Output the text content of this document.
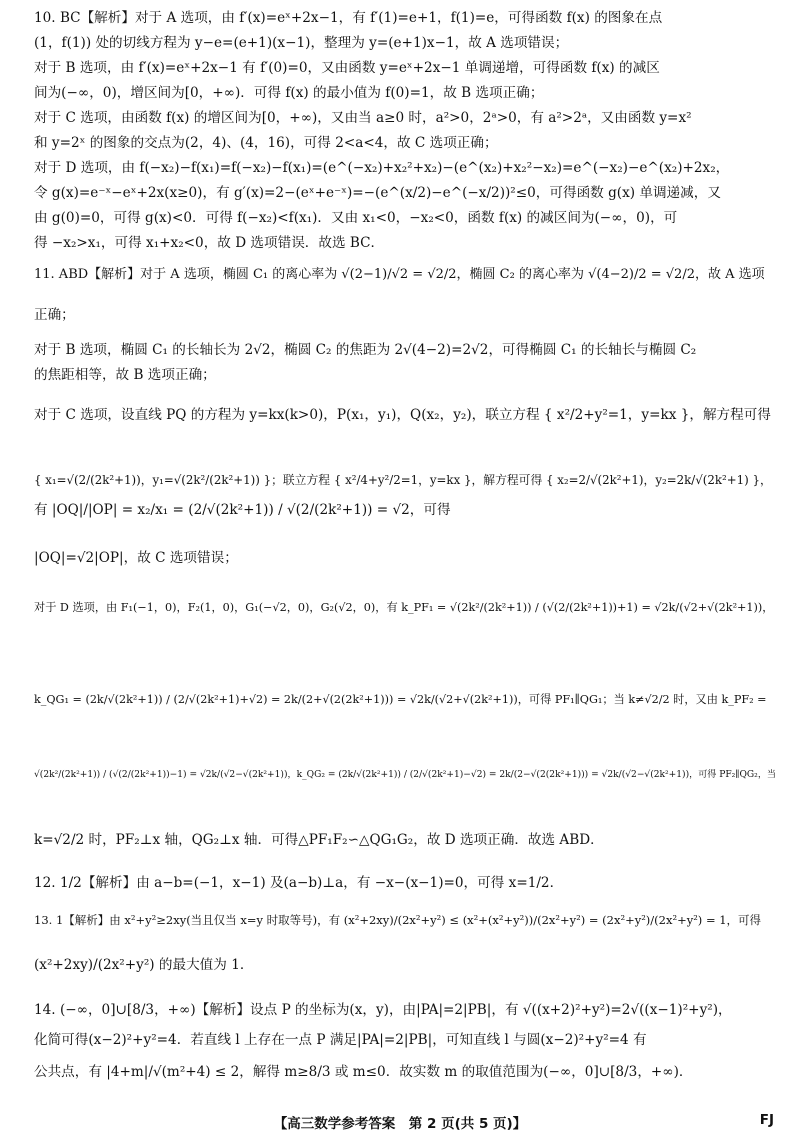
10. BC【解析】对于 A 选项，由 f′(x)=eˣ+2x−1，有 f′(1)=e+1，f(1)=e，可得函数 f(x) 的图象在点
(1，f(1)) 处的切线方程为 y−e=(e+1)(x−1)，整理为 y=(e+1)x−1，故 A 选项错误；
对于 B 选项，由 f′(x)=eˣ+2x−1 有 f′(0)=0，又由函数 y=eˣ+2x−1 单调递增，可得函数 f(x) 的减区
间为(−∞，0)，增区间为[0，+∞)．可得 f(x) 的最小值为 f(0)=1，故 B 选项正确；
对于 C 选项，由函数 f(x) 的增区间为[0，+∞)，又由当 a≥0 时，a²>0，2ᵃ>0，有 a²>2ᵃ，又由函数 y=x²
和 y=2ˣ 的图象的交点为(2，4)、(4，16)，可得 2<a<4，故 C 选项正确；
对于 D 选项，由 f(−x₂)−f(x₁)=f(−x₂)−f(x₁)=(e^(−x₂)+x₂²+x₂)−(e^(x₂)+x₂²−x₂)=e^(−x₂)−e^(x₂)+2x₂，
令 g(x)=e⁻ˣ−eˣ+2x(x≥0)，有 g′(x)=2−(eˣ+e⁻ˣ)=−(e^(x/2)−e^(−x/2))²≤0，可得函数 g(x) 单调递减，又
由 g(0)=0，可得 g(x)<0．可得 f(−x₂)<f(x₁)．又由 x₁<0，−x₂<0，函数 f(x) 的减区间为(−∞，0)，可
得 −x₂>x₁，可得 x₁+x₂<0，故 D 选项错误．故选 BC．
11. ABD【解析】对于 A 选项，椭圆 C₁ 的离心率为 √(2−1)/√2 = √2/2，椭圆 C₂ 的离心率为 √(4−2)/2 = √2/2，故 A 选项
正确；
对于 B 选项，椭圆 C₁ 的长轴长为 2√2，椭圆 C₂ 的焦距为 2√(4−2)=2√2，可得椭圆 C₁ 的长轴长与椭圆 C₂
的焦距相等，故 B 选项正确；
对于 C 选项，设直线 PQ 的方程为 y=kx(k>0)，P(x₁，y₁)，Q(x₂，y₂)，联立方程 { x²/2+y²=1，y=kx }，解方程可得
{ x₁=√(2/(2k²+1))，y₁=√(2k²/(2k²+1)) }；联立方程 { x²/4+y²/2=1，y=kx }，解方程可得 { x₂=2/√(2k²+1)，y₂=2k/√(2k²+1) }，
有 |OQ|/|OP| = x₂/x₁ = (2/√(2k²+1)) / √(2/(2k²+1)) = √2，可得
|OQ|=√2|OP|，故 C 选项错误；
对于 D 选项，由 F₁(−1，0)，F₂(1，0)，G₁(−√2，0)，G₂(√2，0)，有 k_PF₁ = √(2k²/(2k²+1)) / (√(2/(2k²+1))+1) = √2k/(√2+√(2k²+1))，
k_QG₁ = (2k/√(2k²+1)) / (2/√(2k²+1)+√2) = 2k/(2+√(2(2k²+1))) = √2k/(√2+√(2k²+1))，可得 PF₁∥QG₁；当 k≠√2/2 时，又由 k_PF₂ =
√(2k²/(2k²+1)) / (√(2/(2k²+1))−1) = √2k/(√2−√(2k²+1))，k_QG₂ = (2k/√(2k²+1)) / (2/√(2k²+1)−√2) = 2k/(2−√(2(2k²+1))) = √2k/(√2−√(2k²+1))，可得 PF₂∥QG₂，当
k=√2/2 时，PF₂⊥x 轴，QG₂⊥x 轴．可得△PF₁F₂∽△QG₁G₂，故 D 选项正确．故选 ABD．
12. 1/2【解析】由 a−b=(−1，x−1) 及(a−b)⊥a，有 −x−(x−1)=0，可得 x=1/2．
13. 1【解析】由 x²+y²≥2xy(当且仅当 x=y 时取等号)，有 (x²+2xy)/(2x²+y²) ≤ (x²+(x²+y²))/(2x²+y²) = (2x²+y²)/(2x²+y²) = 1，可得
(x²+2xy)/(2x²+y²) 的最大值为 1．
14. (−∞，0]∪[8/3，+∞)【解析】设点 P 的坐标为(x，y)，由|PA|=2|PB|，有 √((x+2)²+y²)=2√((x−1)²+y²)，
化简可得(x−2)²+y²=4．若直线 l 上存在一点 P 满足|PA|=2|PB|，可知直线 l 与圆(x−2)²+y²=4 有
公共点，有 |4+m|/√(m²+4) ≤ 2，解得 m≥8/3 或 m≤0．故实数 m 的取值范围为(−∞，0]∪[8/3，+∞)．
【高三数学参考答案　第 2 页(共 5 页)】	FJ
